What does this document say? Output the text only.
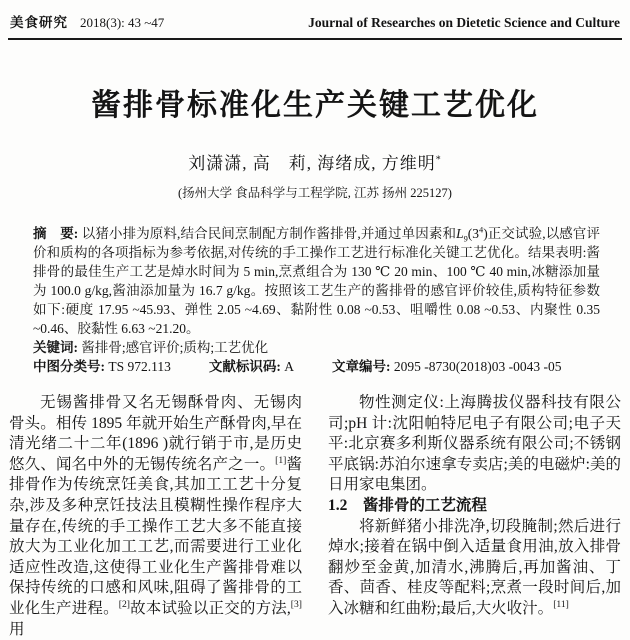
美食研究 2018(3): 43 ~47	Journal of Researches on Dietetic Science and Culture
酱排骨标准化生产关键工艺优化
刘潇潇, 高　莉, 海绪成, 方维明*
(扬州大学 食品科学与工程学院, 江苏 扬州 225127)

摘　要: 以猪小排为原料,结合民间烹制配方制作酱排骨,并通过单因素和$L_9(3^4)$正交试验,以感官评价和质构的各项指标为参考依据,对传统的手工操作工艺进行标准化关键工艺优化。结果表明:酱排骨的最佳生产工艺是焯水时间为 5 min,烹煮组合为 130 ℃ 20 min、100 ℃ 40 min,冰糖添加量为 100.0 g/kg,酱油添加量为 16.7 g/kg。按照该工艺生产的酱排骨的感官评价较佳,质构特征参数如下:硬度 17.95 ~45.93、弹性 2.05 ~4.69、黏附性 0.08 ~0.53、咀嚼性 0.08 ~0.53、内聚性 0.35 ~0.46、胶黏性 6.63 ~21.20。

关键词: 酱排骨;感官评价;质构;工艺优化

中图分类号: TS 972.113	文献标识码: A	文章编号: 2095 -8730(2018)03 -0043 -05

无锡酱排骨又名无锡酥骨肉、无锡肉骨头。相传 1895 年就开始生产酥骨肉,早在清光绪二十二年(1896 )就行销于市,是历史悠久、闻名中外的无锡传统名产之一。[1]酱排骨作为传统烹饪美食,其加工工艺十分复杂,涉及多种烹饪技法且模糊性操作程序大量存在,传统的手工操作工艺大多不能直接放大为工业化加工工艺,而需要进行工业化适应性改造,这使得工业化生产酱排骨难以保持传统的口感和风味,阻碍了酱排骨的工业化生产进程。[2]故本试验以正交的方法,[3]用

物性测定仪:上海腾拔仪器科技有限公司;pH 计:沈阳帕特尼电子有限公司;电子天平:北京赛多利斯仪器系统有限公司;不锈钢平底锅:苏泊尔速拿专卖店;美的电磁炉:美的日用家电集团。

1.2　酱排骨的工艺流程

将新鲜猪小排洗净,切段腌制;然后进行焯水;接着在锅中倒入适量食用油,放入排骨翻炒至金黄,加清水,沸腾后,再加酱油、丁香、茴香、桂皮等配料;烹煮一段时间后,加入冰糖和红曲粉;最后,大火收汁。[11]
